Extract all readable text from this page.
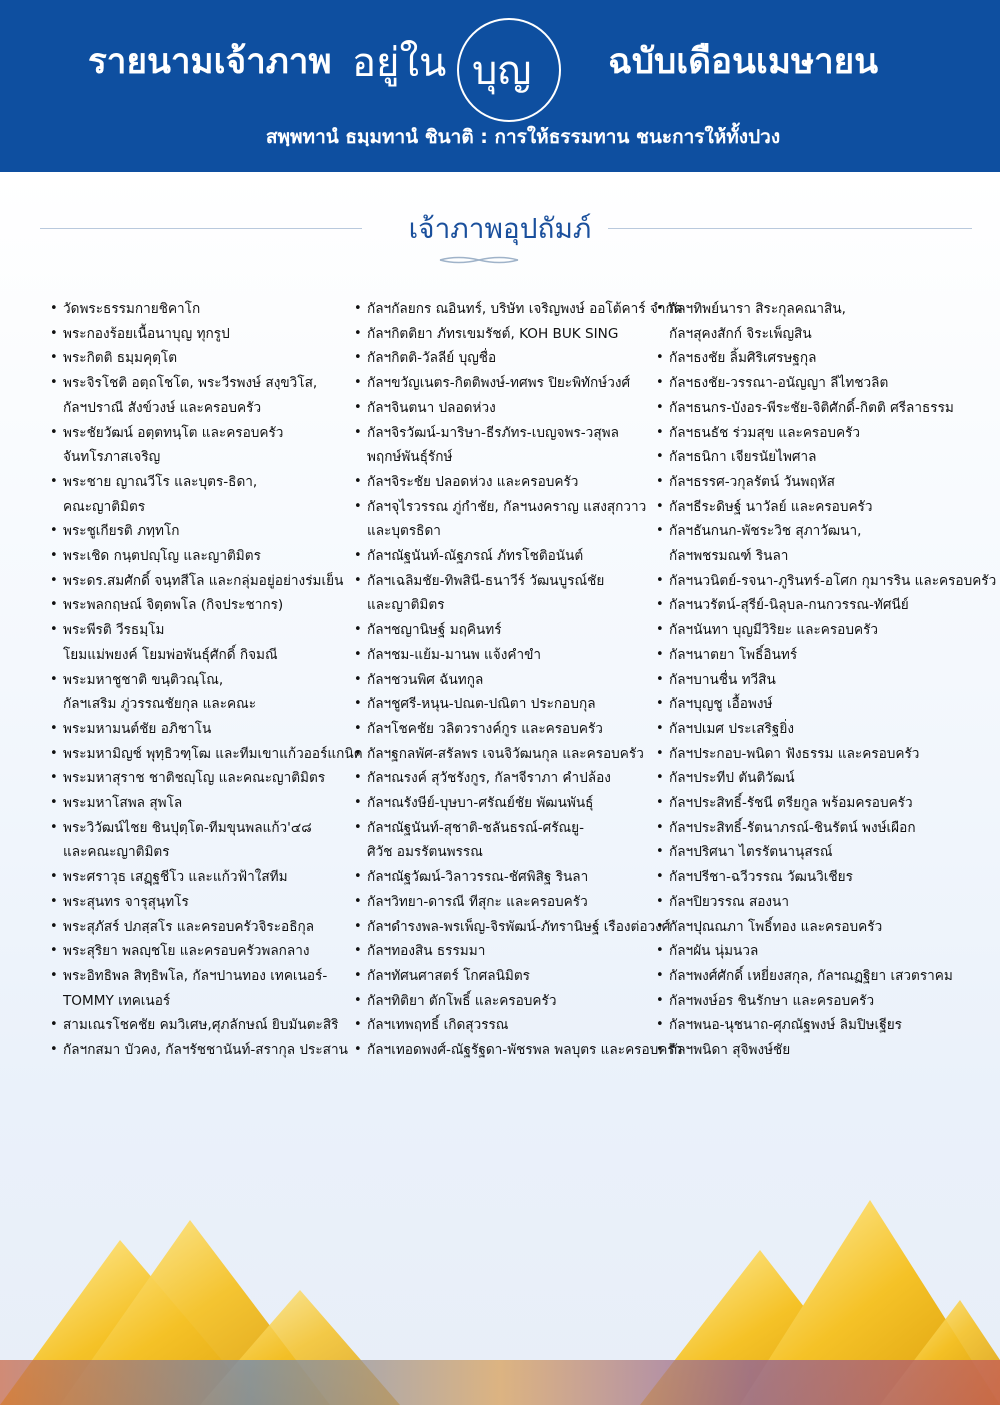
รายนามเจ้าภาพ อยู่ใน บุญ ฉบับเดือนเมษายน
สพฺพทานํ ธมฺมทานํ ชินาติ : การให้ธรรมทาน ชนะการให้ทั้งปวง
เจ้าภาพอุปถัมภ์
• วัดพระธรรมกายชิคาโก
• พระกองร้อยเนื้อนาบุญ ทุกรูป
• พระกิตติ ธมฺมคุตฺโต
• พระจิรโชติ อตฺถโชโต, พระวีรพงษ์ สงฺขวิโส,
กัลฯปราณี สังข์วงษ์ และครอบครัว
• พระชัยวัฒน์ อตฺตทนฺโต และครอบครัว
จันทโรภาสเจริญ
• พระชาย ญาณวีโร และบุตร-ธิดา,
คณะญาติมิตร
• พระชูเกียรติ ภทฺทโก
• พระเชิด กนฺตปญฺโญ และญาติมิตร
• พระดร.สมศักดิ์ จนฺทสีโล และกลุ่มอยู่อย่างร่มเย็น
• พระพลกฤษณ์ จิตฺตพโล (กิจประชากร)
• พระพีรติ วีรธมฺโม
โยมแม่พยงค์ โยมพ่อพันธุ์ศักดิ์ กิจมณี
• พระมหาชูชาติ ขนฺติวณฺโณ,
กัลฯเสริม ภู่วรรณชัยกุล และคณะ
• พระมหามนต์ชัย อภิชาโน
• พระมหามิญช์ พุทฺธิวฑฺโฒ และทีมเขาแก้วออร์แกนิค
• พระมหาสุราช ชาติชญฺโญ และคณะญาติมิตร
• พระมหาโสพล สุพโล
• พระวิวัฒน์ไชย ชินปุตฺโต-ทีมขุนพลแก้ว'๔๘
และคณะญาติมิตร
• พระศราวุธ เสฏฺฐชีโว และแก้วฟ้าใสทีม
• พระสุนทร จารุสุนฺทโร
• พระสุภัสร์ ปภสฺสโร และครอบครัวจิระอธิกุล
• พระสุริยา พลญฺชโย และครอบครัวพลกลาง
• พระอิทธิพล สิทฺธิพโล, กัลฯปานทอง เทคเนอร์-
TOMMY เทคเนอร์
• สามเณรโชคชัย คมวิเศษ,ศุภลักษณ์ ยิบมันตะสิริ
• กัลฯกสมา บัวคง, กัลฯรัชชานันท์-สรากุล ประสาน
• กัลฯกัลยกร ณอินทร์, บริษัท เจริญพงษ์ ออโต้คาร์ จำกัด
• กัลฯกิตติยา ภัทรเขมรัชต์, KOH BUK SING
• กัลฯกิตติ-วัลลีย์ บุญชื่อ
• กัลฯขวัญเนตร-กิตติพงษ์-ทศพร ปิยะพิทักษ์วงศ์
• กัลฯจินตนา ปลอดห่วง
• กัลฯจิรวัฒน์-มาริษา-ธีรภัทร-เบญจพร-วสุพล
พฤกษ์พันธุ์รักษ์
• กัลฯจิระชัย ปลอดห่วง และครอบครัว
• กัลฯจุไรวรรณ ภู่กำชัย, กัลฯนงคราญ แสงสุกวาว
และบุตรธิดา
• กัลฯณัฐนันท์-ณัฐภรณ์ ภัทรโชติอนันต์
• กัลฯเฉลิมชัย-ทิพสินี-ธนาวีร์ วัฒนบูรณ์ชัย
และญาติมิตร
• กัลฯชญานิษฐ์ มฤคินทร์
• กัลฯชม-แย้ม-มานพ แจ้งคำขำ
• กัลฯชวนพิศ ฉันทกูล
• กัลฯชูศรี-หนุน-ปณต-ปณิตา ประกอบกุล
• กัลฯโชคชัย วลิตวรางค์กูร และครอบครัว
• กัลฯฐกลพัศ-สรัลพร เจนจิวัฒนกุล และครอบครัว
• กัลฯณรงค์ สุวัชรังกูร, กัลฯจีราภา คำปล้อง
• กัลฯณรังษีย์-บุษบา-ศรัณย์ชัย พัฒนพันธุ์
• กัลฯณัฐนันท์-สุชาติ-ชลันธรณ์-ศรัณยู-
ศิวัช อมรรัตนพรรณ
• กัลฯณัฐวัฒน์-วิลาวรรณ-ชัศพิสิฐ รินลา
• กัลฯวิทยา-ดารณี ทีสุกะ และครอบครัว
• กัลฯดำรงพล-พรเพ็ญ-จิรพัฒน์-ภัทรานิษฐ์ เรืองต่อวงศ์
• กัลฯทองสิน ธรรมมา
• กัลฯทัศนศาสตร์ โกศลนิมิตร
• กัลฯทิติยา ตักโพธิ์ และครอบครัว
• กัลฯเทพฤทธิ์ เกิดสุวรรณ
• กัลฯเทอดพงศ์-ณัฐรัฐดา-พัชรพล พลบุตร และครอบครัว
• กัลฯทิพย์นารา สิระกุลคณาสิน,
กัลฯสุคงสักก์ จิระเพ็ญสิน
• กัลฯธงชัย ลิ้มศิริเศรษฐกุล
• กัลฯธงชัย-วรรณา-อนัญญา ลีไทชวลิต
• กัลฯธนกร-บังอร-พีระชัย-จิติศักดิ์-กิตติ ศรีลาธรรม
• กัลฯธนธัช ร่วมสุข และครอบครัว
• กัลฯธนิกา เจียรนัยไพศาล
• กัลฯธรรศ-วกุลรัตน์ วันพฤหัส
• กัลฯธีระดิษฐ์ นาวัลย์ และครอบครัว
• กัลฯธันกนก-พัชระวิช สุภาวัฒนา,
กัลฯพชรมณฑ์ รินลา
• กัลฯนวนิตย์-รจนา-ภูรินทร์-อโศก กุมารริน และครอบครัว
• กัลฯนวรัตน์-สุรีย์-นิลุบล-กนกวรรณ-ทัศนีย์
• กัลฯนันทา บุญมีวิริยะ และครอบครัว
• กัลฯนาตยา โพธิ์อินทร์
• กัลฯบานชื่น ทวีสิน
• กัลฯบุญชู เอื้อพงษ์
• กัลฯปเมศ ประเสริฐยิ่ง
• กัลฯประกอบ-พนิดา ฟังธรรม และครอบครัว
• กัลฯประทีป ตันติวัฒน์
• กัลฯประสิทธิ์-รัชนี ตรียกูล พร้อมครอบครัว
• กัลฯประสิทธิ์-รัตนาภรณ์-ชินรัตน์ พงษ์เผือก
• กัลฯปริศนา ไตรรัตนานุสรณ์
• กัลฯปรีชา-ฉวีวรรณ วัฒนวิเชียร
• กัลฯปิยวรรณ สองนา
• กัลฯปุณณภา โพธิ์ทอง และครอบครัว
• กัลฯผัน นุ่มนวล
• กัลฯพงศ์ศักดิ์ เหยี่ยงสกุล, กัลฯณฏฐิยา เสวตราคม
• กัลฯพงษ์อร ชินรักษา และครอบครัว
• กัลฯพนอ-นุชนาถ-ศุภณัฐพงษ์ ลิมปิษเฐียร
• กัลฯพนิดา สุจิพงษ์ชัย
